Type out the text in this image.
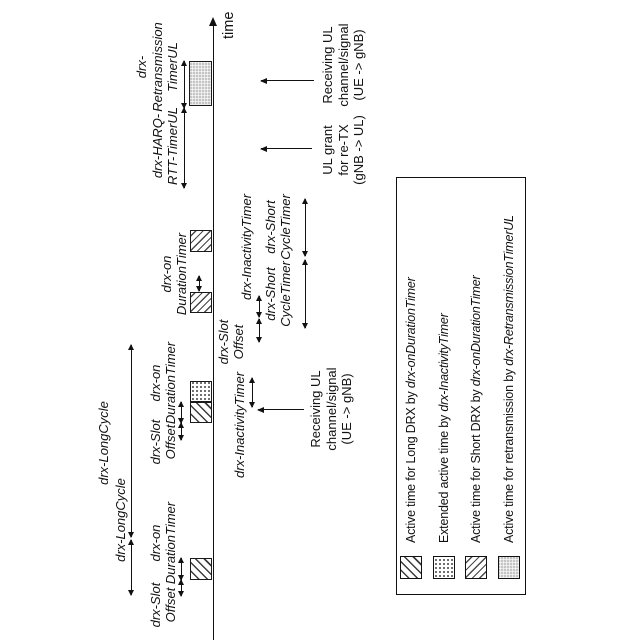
time
drx-Slot
Offset
drx-on
DurationTimer
drx-LongCycle
drx-LongCycle	drx-Slot
Offset
drx-on
DurationTimer
drx-on
DurationTimer
drx-HARQ-
RTT-TimerUL
drx-
Retransmission
TimerUL
drx-InactivityTimer
drx-Slot
Offset
drx-InactivityTimer drx-Short
CycleTimer
drx-Short
CycleTimer
Receiving UL
channel/signal
(UE -> gNB)
UL grant
for re-TX
(gNB -> UL)
Receiving UL
channel/signal
(UE -> gNB)
Active time for Long DRX by drx-onDurationTimer
Extended active time by drx-InactivityTimer
Active time for Short DRX by drx-onDurationTimer
Active time for retransmission by drx-RetransmissionTimerUL
